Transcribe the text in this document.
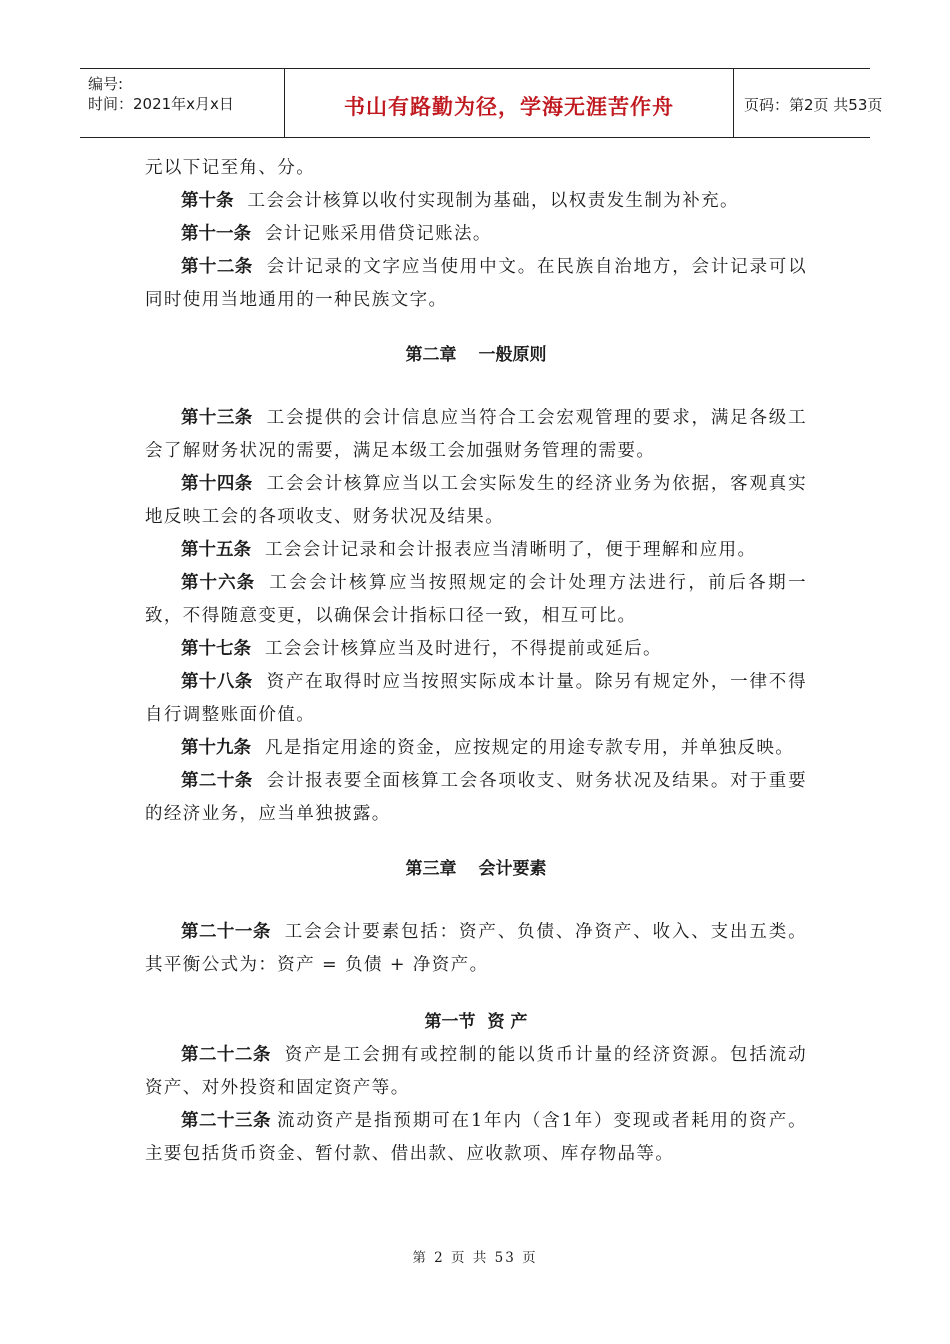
编号:
时间：2021年x月x日	书山有路勤为径，学海无涯苦作舟	页码：第2页 共53页

元以下记至角、分。

第十条 工会会计核算以收付实现制为基础，以权责发生制为补充。

第十一条 会计记账采用借贷记账法。

第十二条 会计记录的文字应当使用中文。在民族自治地方，会计记录可以同时使用当地通用的一种民族文字。

第二章 一般原则

第十三条 工会提供的会计信息应当符合工会宏观管理的要求，满足各级工会了解财务状况的需要，满足本级工会加强财务管理的需要。

第十四条 工会会计核算应当以工会实际发生的经济业务为依据，客观真实地反映工会的各项收支、财务状况及结果。

第十五条 工会会计记录和会计报表应当清晰明了，便于理解和应用。

第十六条 工会会计核算应当按照规定的会计处理方法进行，前后各期一致，不得随意变更，以确保会计指标口径一致，相互可比。

第十七条 工会会计核算应当及时进行，不得提前或延后。

第十八条 资产在取得时应当按照实际成本计量。除另有规定外，一律不得自行调整账面价值。

第十九条 凡是指定用途的资金，应按规定的用途专款专用，并单独反映。

第二十条 会计报表要全面核算工会各项收支、财务状况及结果。对于重要的经济业务，应当单独披露。

第三章 会计要素

第二十一条 工会会计要素包括：资产、负债、净资产、收入、支出五类。其平衡公式为：资产 = 负债 + 净资产。

第一节 资 产

第二十二条 资产是工会拥有或控制的能以货币计量的经济资源。包括流动资产、对外投资和固定资产等。

第二十三条 流动资产是指预期可在1年内（含1年）变现或者耗用的资产。主要包括货币资金、暂付款、借出款、应收款项、库存物品等。

第 2 页 共 53 页
